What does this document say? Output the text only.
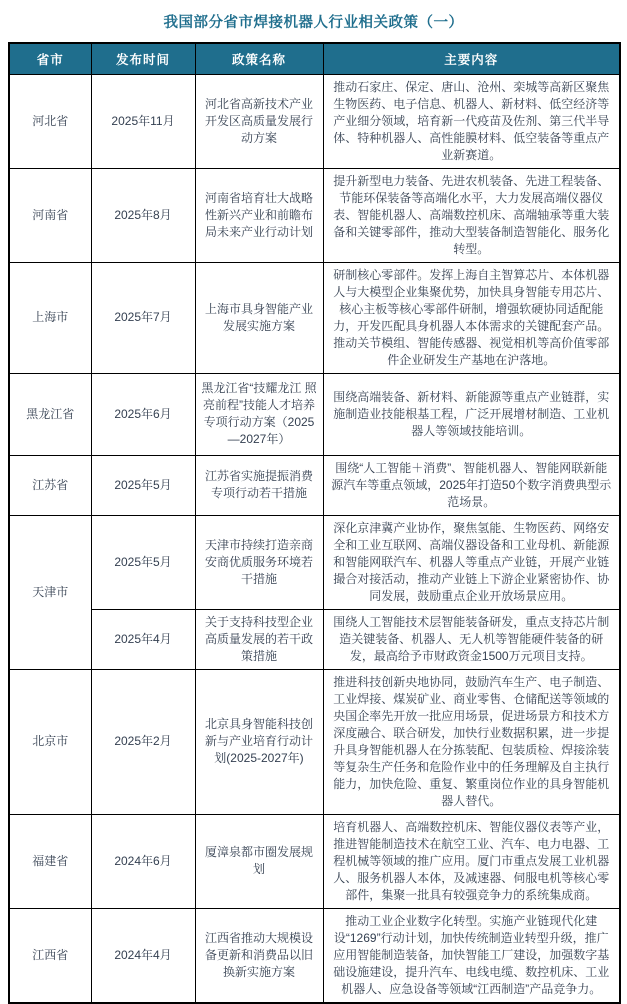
我国部分省市焊接机器人行业相关政策（一）
省市	发布时间	政策名称	主要内容
河北省	2025年11月	河北省高新技术产业开发区高质量发展行动方案	推动石家庄、保定、唐山、沧州、栾城等高新区聚焦生物医药、电子信息、机器人、新材料、低空经济等产业细分领域，培育新一代疫苗及佐剂、第三代半导体、特种机器人、高性能膜材料、低空装备等重点产业新赛道。
河南省	2025年8月	河南省培育壮大战略性新兴产业和前瞻布局未来产业行动计划	提升新型电力装备、先进农机装备、先进工程装备、节能环保装备等高端化水平，大力发展高端仪器仪表、智能机器人、高端数控机床、高端轴承等重大装备和关键零部件，推动大型装备制造智能化、服务化转型。
上海市	2025年7月	上海市具身智能产业发展实施方案	研制核心零部件。发挥上海自主智算芯片、本体机器人与大模型企业集聚优势，加快具身智能专用芯片、核心主板等核心零部件研制，增强软硬协同适配能力，开发匹配具身机器人本体需求的关键配套产品。推动关节模组、智能传感器、视觉相机等高价值零部件企业研发生产基地在沪落地。
黑龙江省	2025年6月	黑龙江省“技耀龙江 照亮前程”技能人才培养专项行动方案（2025—2027年）	围绕高端装备、新材料、新能源等重点产业链群，实施制造业技能根基工程，广泛开展增材制造、工业机器人等领域技能培训。
江苏省	2025年5月	江苏省实施提振消费专项行动若干措施	围绕“人工智能＋消费”、智能机器人、智能网联新能源汽车等重点领域，2025年打造50个数字消费典型示范场景。
天津市	2025年5月	天津市持续打造亲商安商优质服务环境若干措施	深化京津冀产业协作，聚焦氢能、生物医药、网络安全和工业互联网、高端仪器设备和工业母机、新能源和智能网联汽车、机器人等重点产业链，开展产业链撮合对接活动，推动产业链上下游企业紧密协作、协同发展，鼓励重点企业开放场景应用。
	2025年4月	关于支持科技型企业高质量发展的若干政策措施	围绕人工智能技术层智能装备研发，重点支持芯片制造关键装备、机器人、无人机等智能硬件装备的研发，最高给予市财政资金1500万元项目支持。
北京市	2025年2月	北京具身智能科技创新与产业培育行动计划(2025-2027年)	推进科技创新央地协同，鼓励汽车生产、电子制造、工业焊接、煤炭矿业、商业零售、仓储配送等领域的央国企率先开放一批应用场景，促进场景方和技术方深度融合、联合研发，加快行业数据积累，进一步提升具身智能机器人在分拣装配、包装质检、焊接涂装等复杂生产任务和危险作业中的任务理解及自主执行能力，加快危险、重复、繁重岗位作业的具身智能机器人替代。
福建省	2024年6月	厦漳泉都市圈发展规划	培育机器人、高端数控机床、智能仪器仪表等产业，推进智能制造技术在航空工业、汽车、电力电器、工程机械等领域的推广应用。厦门市重点发展工业机器人、服务机器人本体，及减速器、伺服电机等核心零部件，集聚一批具有较强竞争力的系统集成商。
江西省	2024年4月	江西省推动大规模设备更新和消费品以旧换新实施方案	推动工业企业数字化转型。实施产业链现代化建设“1269”行动计划，加快传统制造业转型升级，推广应用智能制造装备，加快智能工厂建设，加强数字基础设施建设，提升汽车、电线电缆、数控机床、工业机器人、应急设备等领域“江西制造”产品竞争力。
